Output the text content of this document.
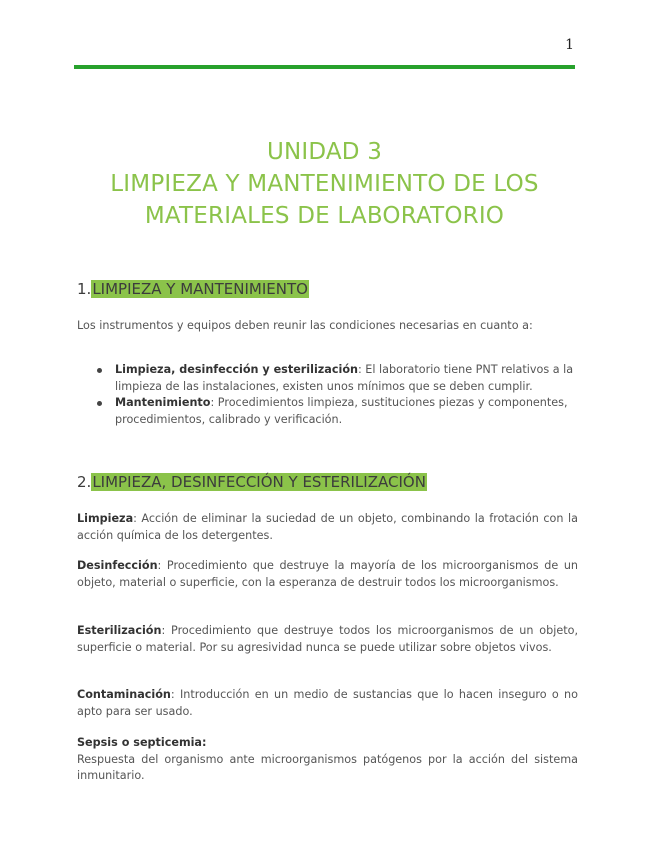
1
UNIDAD 3
LIMPIEZA Y MANTENIMIENTO DE LOS
MATERIALES DE LABORATORIO
1.LIMPIEZA Y MANTENIMIENTO
Los instrumentos y equipos deben reunir las condiciones necesarias en cuanto a:
Limpieza, desinfección y esterilización: El laboratorio tiene PNT relativos a la limpieza de las instalaciones, existen unos mínimos que se deben cumplir.
Mantenimiento: Procedimientos limpieza, sustituciones piezas y componentes, procedimientos, calibrado y verificación.
2.LIMPIEZA, DESINFECCIÓN Y ESTERILIZACIÓN
Limpieza: Acción de eliminar la suciedad de un objeto, combinando la frotación con la acción química de los detergentes.
Desinfección: Procedimiento que destruye la mayoría de los microorganismos de un objeto, material o superficie, con la esperanza de destruir todos los microorganismos.
Esterilización: Procedimiento que destruye todos los microorganismos de un objeto, superficie o material. Por su agresividad nunca se puede utilizar sobre objetos vivos.
Contaminación: Introducción en un medio de sustancias que lo hacen inseguro o no apto para ser usado.
Sepsis o septicemia:
Respuesta del organismo ante microorganismos patógenos por la acción del sistema inmunitario.
